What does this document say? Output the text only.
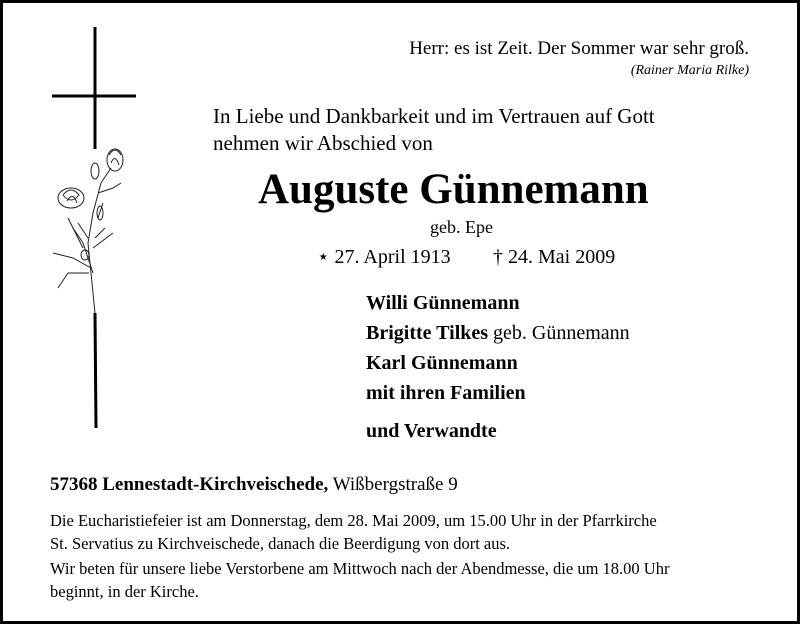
Herr: es ist Zeit. Der Sommer war sehr groß.
(Rainer Maria Rilke)
In Liebe und Dankbarkeit und im Vertrauen auf Gott
nehmen wir Abschied von
Auguste Günnemann
geb. Epe
⋆ 27. April 1913 † 24. Mai 2009
Willi Günnemann
Brigitte Tilkes geb. Günnemann
Karl Günnemann
mit ihren Familien
und Verwandte
57368 Lennestadt-Kirchveischede, Wißbergstraße 9
Die Eucharistiefeier ist am Donnerstag, dem 28. Mai 2009, um 15.00 Uhr in der Pfarrkirche
St. Servatius zu Kirchveischede, danach die Beerdigung von dort aus.
Wir beten für unsere liebe Verstorbene am Mittwoch nach der Abendmesse, die um 18.00 Uhr
beginnt, in der Kirche.
